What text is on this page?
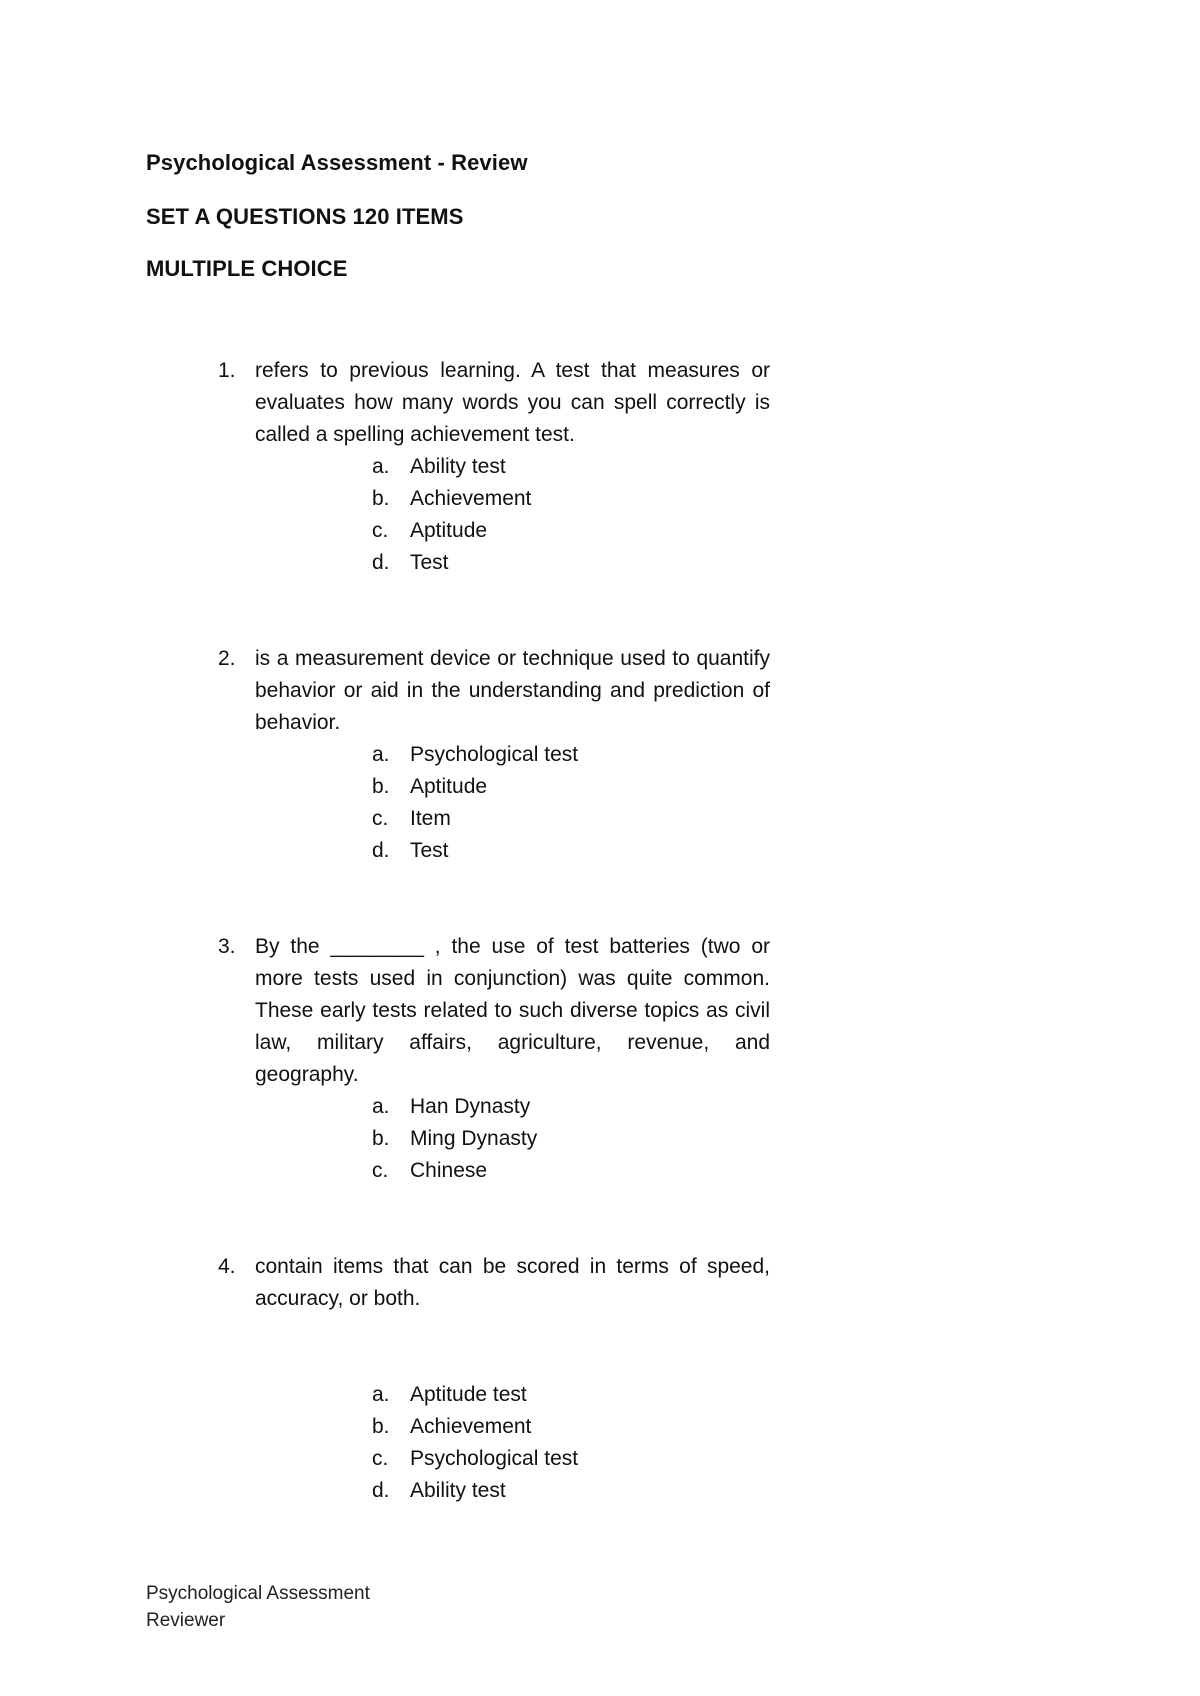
Psychological Assessment - Review
SET A QUESTIONS 120 ITEMS
MULTIPLE CHOICE
1. refers to previous learning. A test that measures or evaluates how many words you can spell correctly is called a spelling achievement test.
a. Ability test
b. Achievement
c.	Aptitude
d. Test
2. is a measurement device or technique used to quantify behavior or aid in the understanding and prediction of behavior.
a. Psychological test
b. Aptitude
c.	Item
d. Test
3. By the ________ , the use of test batteries (two or more tests used in conjunction) was quite common. These early tests related to such diverse topics as civil law, military affairs, agriculture, revenue, and geography.
a. Han Dynasty
b. Ming Dynasty
c.	Chinese
4. contain items that can be scored in terms of speed, accuracy, or both.
a. Aptitude test
b. Achievement
c.	Psychological test
d. Ability test
Psychological Assessment
Reviewer
